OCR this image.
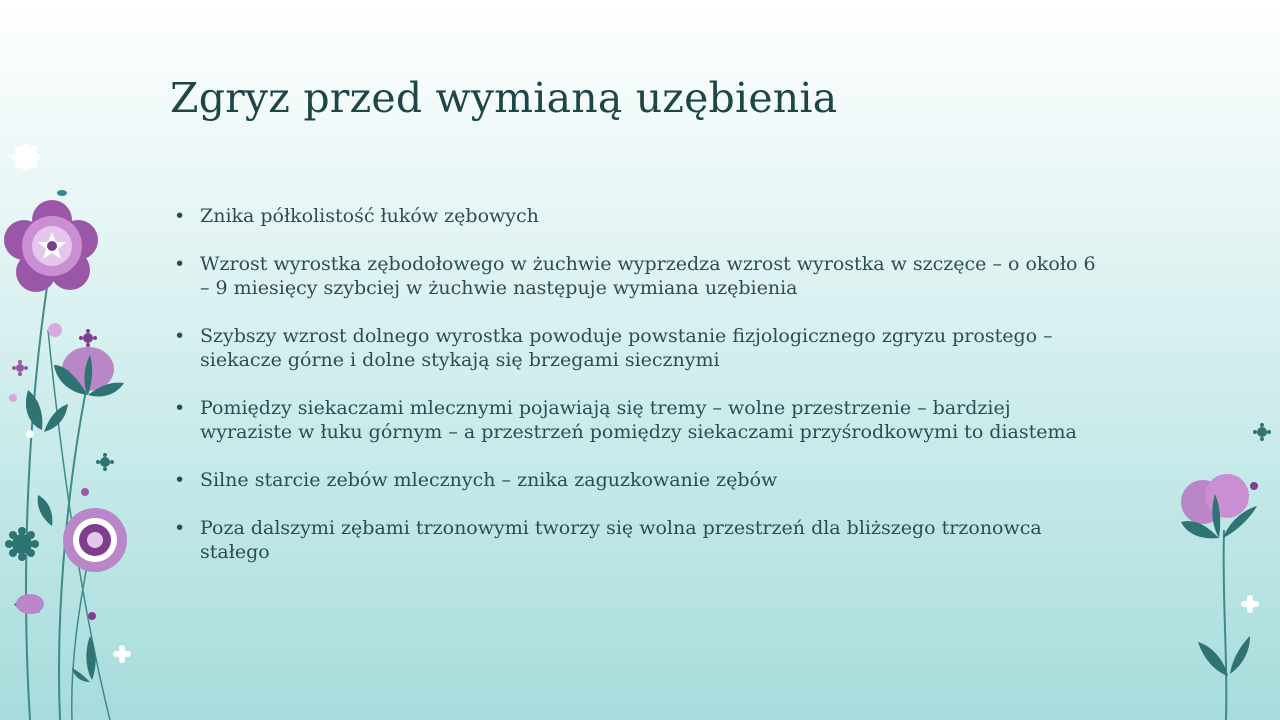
Zgryz przed wymianą uzębienia
• Znika półkolistość łuków zębowych
• Wzrost wyrostka zębodołowego w żuchwie wyprzedza wzrost wyrostka w szczęce – o około 6 – 9 miesięcy szybciej w żuchwie następuje wymiana uzębienia
• Szybszy wzrost dolnego wyrostka powoduje powstanie fizjologicznego zgryzu prostego – siekacze górne i dolne stykają się brzegami siecznymi
• Pomiędzy siekaczami mlecznymi pojawiają się tremy – wolne przestrzenie – bardziej wyraziste w łuku górnym – a przestrzeń pomiędzy siekaczami przyśrodkowymi to diastema
• Silne starcie zebów mlecznych – znika zaguzkowanie zębów
• Poza dalszymi zębami trzonowymi tworzy się wolna przestrzeń dla bliższego trzonowca stałego
